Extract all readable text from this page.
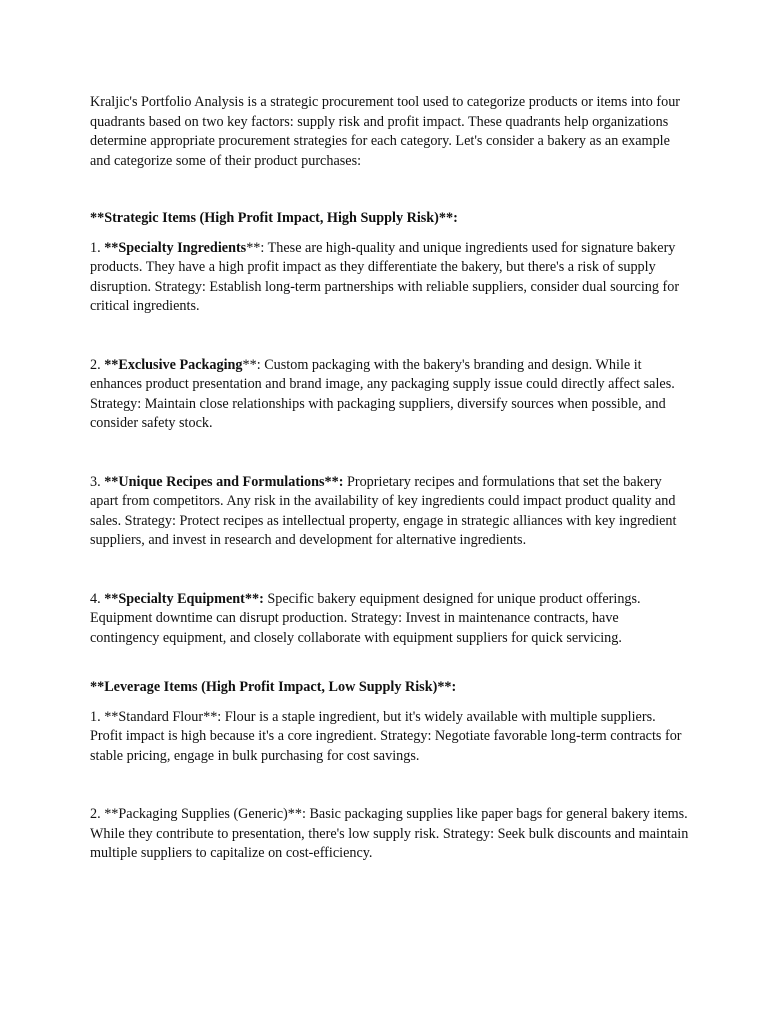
Kraljic's Portfolio Analysis is a strategic procurement tool used to categorize products or items into four quadrants based on two key factors: supply risk and profit impact. These quadrants help organizations determine appropriate procurement strategies for each category. Let's consider a bakery as an example and categorize some of their product purchases:

**Strategic Items (High Profit Impact, High Supply Risk)**:

1. **Specialty Ingredients**: These are high-quality and unique ingredients used for signature bakery products. They have a high profit impact as they differentiate the bakery, but there's a risk of supply disruption. Strategy: Establish long-term partnerships with reliable suppliers, consider dual sourcing for critical ingredients.

2. **Exclusive Packaging**: Custom packaging with the bakery's branding and design. While it enhances product presentation and brand image, any packaging supply issue could directly affect sales. Strategy: Maintain close relationships with packaging suppliers, diversify sources when possible, and consider safety stock.

3. **Unique Recipes and Formulations**: Proprietary recipes and formulations that set the bakery apart from competitors. Any risk in the availability of key ingredients could impact product quality and sales. Strategy: Protect recipes as intellectual property, engage in strategic alliances with key ingredient suppliers, and invest in research and development for alternative ingredients.

4. **Specialty Equipment**: Specific bakery equipment designed for unique product offerings. Equipment downtime can disrupt production. Strategy: Invest in maintenance contracts, have contingency equipment, and closely collaborate with equipment suppliers for quick servicing.

**Leverage Items (High Profit Impact, Low Supply Risk)**:

1. **Standard Flour**: Flour is a staple ingredient, but it's widely available with multiple suppliers. Profit impact is high because it's a core ingredient. Strategy: Negotiate favorable long-term contracts for stable pricing, engage in bulk purchasing for cost savings.

2. **Packaging Supplies (Generic)**: Basic packaging supplies like paper bags for general bakery items. While they contribute to presentation, there's low supply risk. Strategy: Seek bulk discounts and maintain multiple suppliers to capitalize on cost-efficiency.
